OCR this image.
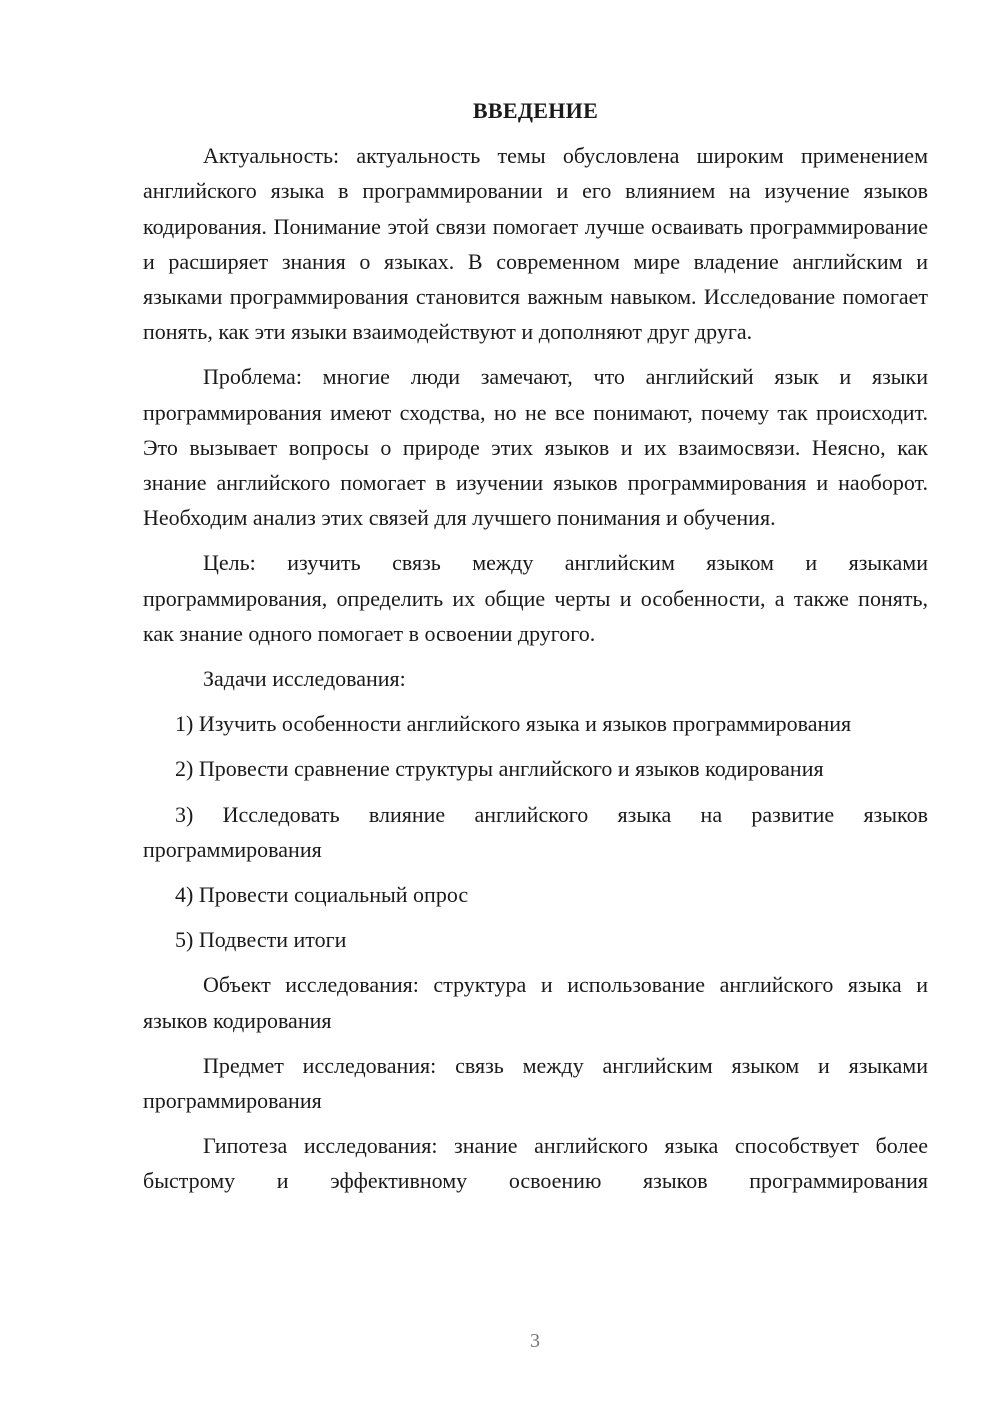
ВВЕДЕНИЕ

Актуальность: актуальность темы обусловлена широким применением английского языка в программировании и его влиянием на изучение языков кодирования. Понимание этой связи помогает лучше осваивать программирование и расширяет знания о языках. В современном мире владение английским и языками программирования становится важным навыком. Исследование помогает понять, как эти языки взаимодействуют и дополняют друг друга.

Проблема: многие люди замечают, что английский язык и языки программирования имеют сходства, но не все понимают, почему так происходит. Это вызывает вопросы о природе этих языков и их взаимосвязи. Неясно, как знание английского помогает в изучении языков программирования и наоборот. Необходим анализ этих связей для лучшего понимания и обучения.

Цель: изучить связь между английским языком и языками программирования, определить их общие черты и особенности, а также понять, как знание одного помогает в освоении другого.

Задачи исследования:

1) Изучить особенности английского языка и языков программирования

2) Провести сравнение структуры английского и языков кодирования

3) Исследовать влияние английского языка на развитие языков программирования

4) Провести социальный опрос

5) Подвести итоги

Объект исследования: структура и использование английского языка и языков кодирования

Предмет исследования: связь между английским языком и языками программирования

Гипотеза исследования: знание английского языка способствует более быстрому и эффективному освоению языков программирования

3
